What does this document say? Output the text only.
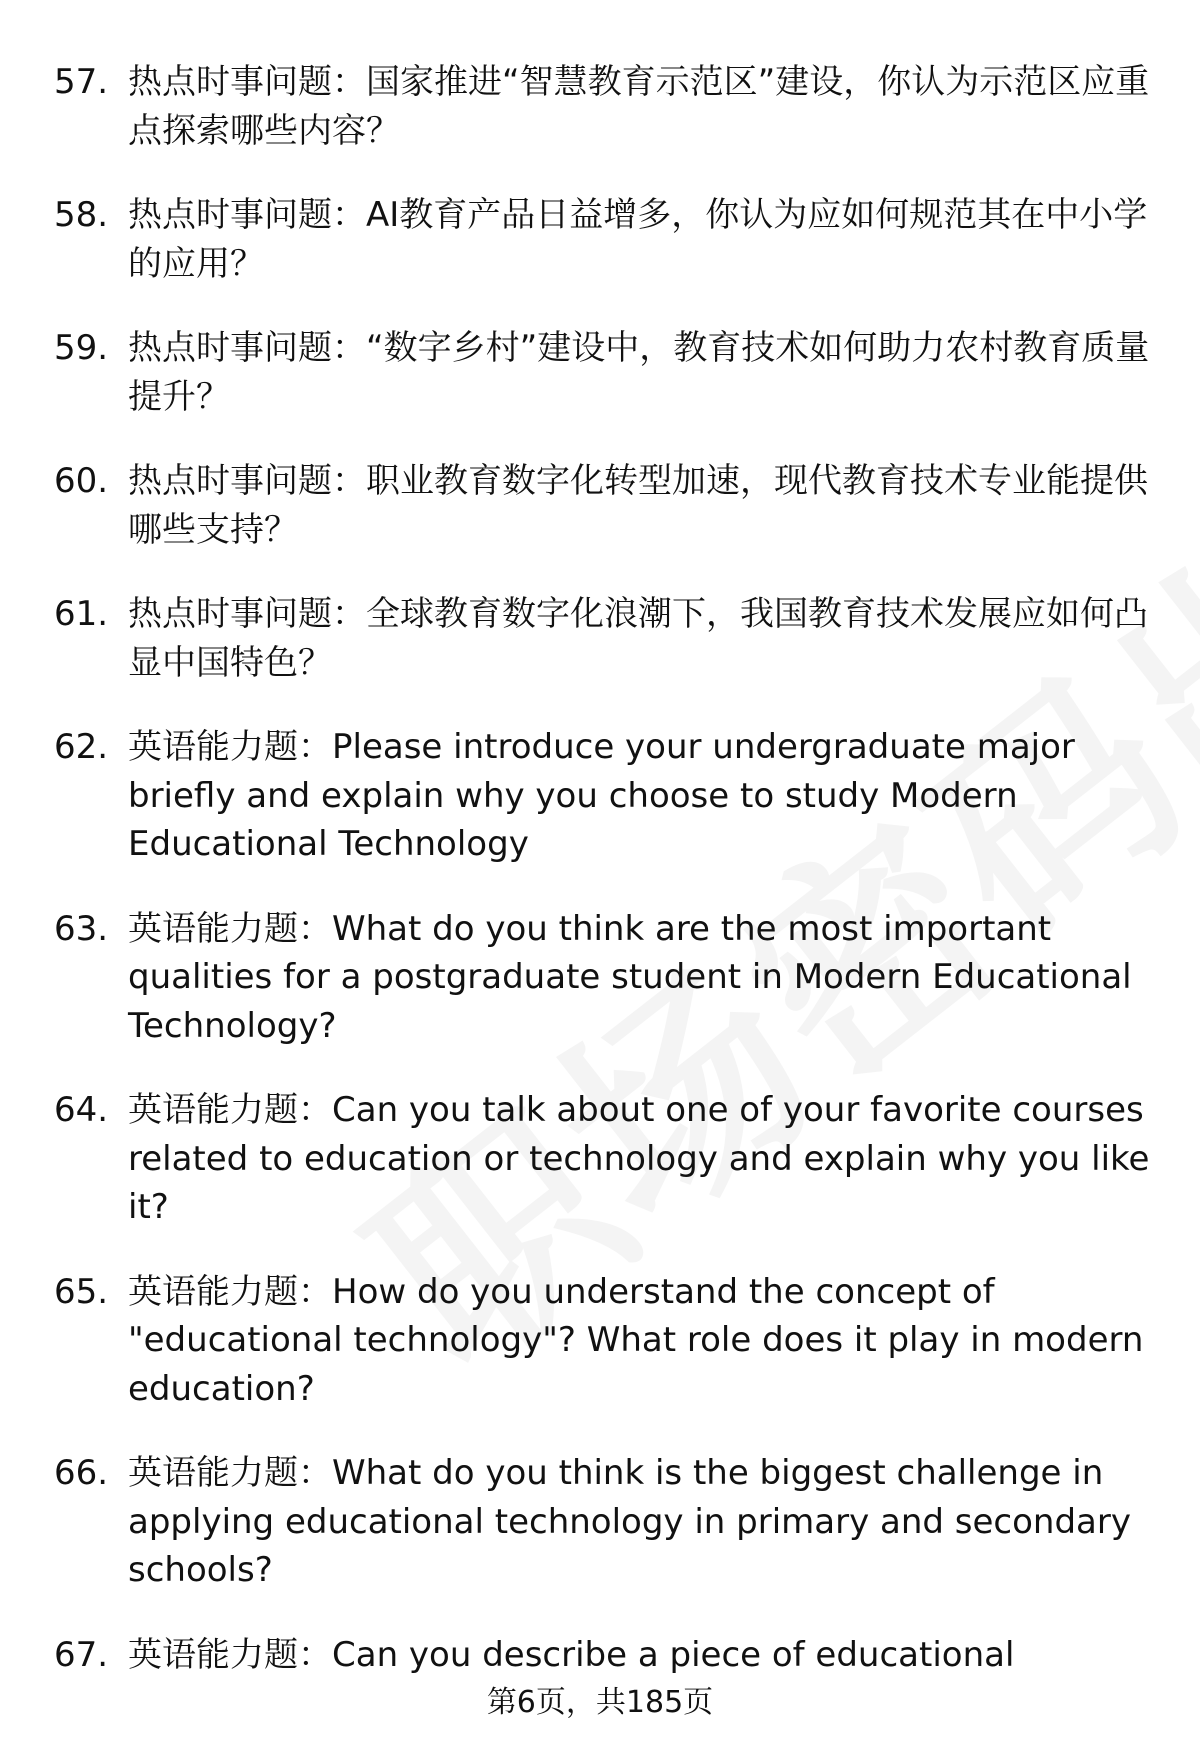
57. 热点时事问题：国家推进“智慧教育示范区”建设，你认为示范区应重点探索哪些内容？
58. 热点时事问题：AI教育产品日益增多，你认为应如何规范其在中小学的应用？
59. 热点时事问题：“数字乡村”建设中，教育技术如何助力农村教育质量提升？
60. 热点时事问题：职业教育数字化转型加速，现代教育技术专业能提供哪些支持？
61. 热点时事问题：全球教育数字化浪潮下，我国教育技术发展应如何凸显中国特色？
62. 英语能力题：Please introduce your undergraduate major briefly and explain why you choose to study Modern Educational Technology
63. 英语能力题：What do you think are the most important qualities for a postgraduate student in Modern Educational Technology?
64. 英语能力题：Can you talk about one of your favorite courses related to education or technology and explain why you like it?
65. 英语能力题：How do you understand the concept of "educational technology"? What role does it play in modern education?
66. 英语能力题：What do you think is the biggest challenge in applying educational technology in primary and secondary schools?
67. 英语能力题：Can you describe a piece of educational
第6页，共185页
